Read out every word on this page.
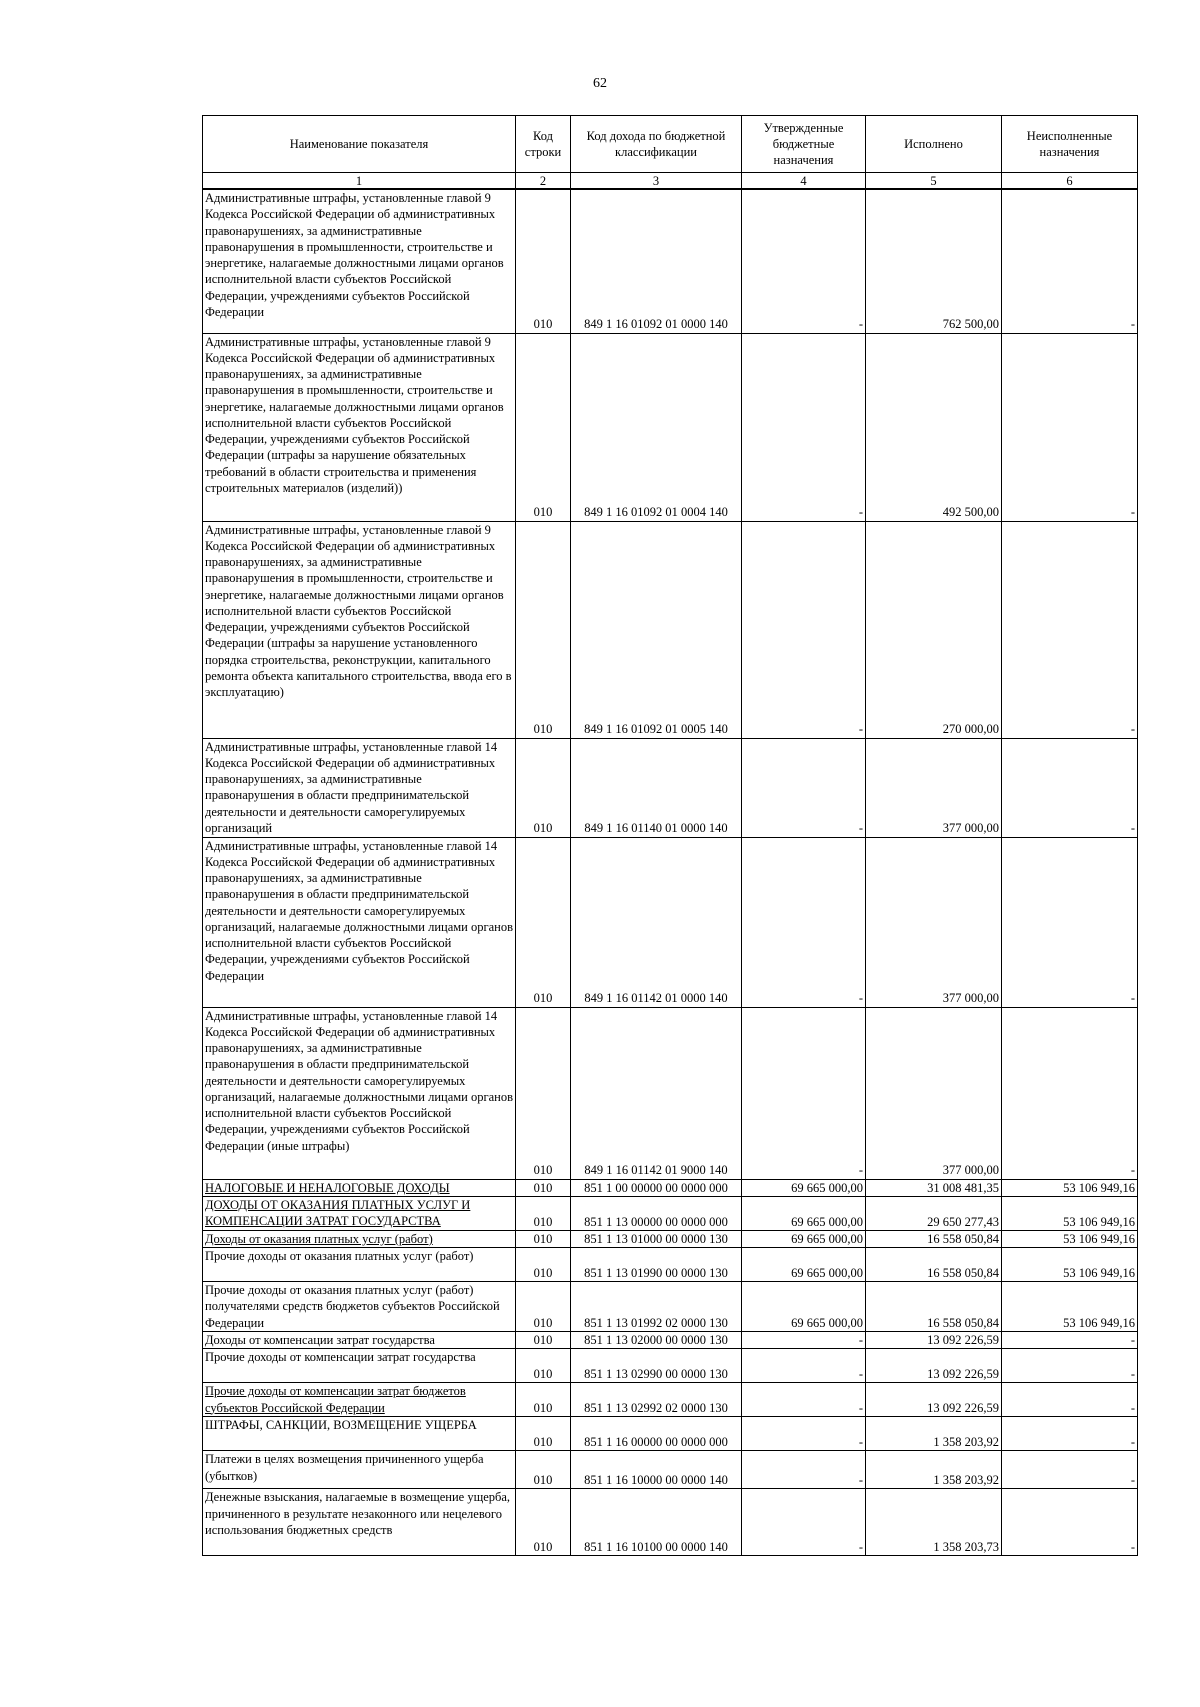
62
Наименование показателя	Код строки	Код дохода по бюджетной классификации	Утвержденные бюджетные назначения	Исполнено	Неисполненные назначения
1	2	3	4	5	6
Административные штрафы, установленные главой 9 Кодекса Российской Федерации об административных правонарушениях, за административные правонарушения в промышленности, строительстве и энергетике, налагаемые должностными лицами органов исполнительной власти субъектов Российской Федерации, учреждениями субъектов Российской Федерации	010	849 1 16 01092 01 0000 140	-	762 500,00	-
Административные штрафы, установленные главой 9 Кодекса Российской Федерации об административных правонарушениях, за административные правонарушения в промышленности, строительстве и энергетике, налагаемые должностными лицами органов исполнительной власти субъектов Российской Федерации, учреждениями субъектов Российской Федерации (штрафы за нарушение обязательных требований в области строительства и применения строительных материалов (изделий))	010	849 1 16 01092 01 0004 140	-	492 500,00	-
Административные штрафы, установленные главой 9 Кодекса Российской Федерации об административных правонарушениях, за административные правонарушения в промышленности, строительстве и энергетике, налагаемые должностными лицами органов исполнительной власти субъектов Российской Федерации, учреждениями субъектов Российской Федерации (штрафы за нарушение установленного порядка строительства, реконструкции, капитального ремонта объекта капитального строительства, ввода его в эксплуатацию)	010	849 1 16 01092 01 0005 140	-	270 000,00	-
Административные штрафы, установленные главой 14 Кодекса Российской Федерации об административных правонарушениях, за административные правонарушения в области предпринимательской деятельности и деятельности саморегулируемых организаций	010	849 1 16 01140 01 0000 140	-	377 000,00	-
Административные штрафы, установленные главой 14 Кодекса Российской Федерации об административных правонарушениях, за административные правонарушения в области предпринимательской деятельности и деятельности саморегулируемых организаций, налагаемые должностными лицами органов исполнительной власти субъектов Российской Федерации, учреждениями субъектов Российской Федерации	010	849 1 16 01142 01 0000 140	-	377 000,00	-
Административные штрафы, установленные главой 14 Кодекса Российской Федерации об административных правонарушениях, за административные правонарушения в области предпринимательской деятельности и деятельности саморегулируемых организаций, налагаемые должностными лицами органов исполнительной власти субъектов Российской Федерации, учреждениями субъектов Российской Федерации (иные штрафы)	010	849 1 16 01142 01 9000 140	-	377 000,00	-
НАЛОГОВЫЕ И НЕНАЛОГОВЫЕ ДОХОДЫ	010	851 1 00 00000 00 0000 000	69 665 000,00	31 008 481,35	53 106 949,16
ДОХОДЫ ОТ ОКАЗАНИЯ ПЛАТНЫХ УСЛУГ И КОМПЕНСАЦИИ ЗАТРАТ ГОСУДАРСТВА	010	851 1 13 00000 00 0000 000	69 665 000,00	29 650 277,43	53 106 949,16
Доходы от оказания платных услуг (работ)	010	851 1 13 01000 00 0000 130	69 665 000,00	16 558 050,84	53 106 949,16
Прочие доходы от оказания платных услуг (работ)	010	851 1 13 01990 00 0000 130	69 665 000,00	16 558 050,84	53 106 949,16
Прочие доходы от оказания платных услуг (работ) получателями средств бюджетов субъектов Российской Федерации	010	851 1 13 01992 02 0000 130	69 665 000,00	16 558 050,84	53 106 949,16
Доходы от компенсации затрат государства	010	851 1 13 02000 00 0000 130	-	13 092 226,59	-
Прочие доходы от компенсации затрат государства	010	851 1 13 02990 00 0000 130	-	13 092 226,59	-
Прочие доходы от компенсации затрат бюджетов субъектов Российской Федерации	010	851 1 13 02992 02 0000 130	-	13 092 226,59	-
ШТРАФЫ, САНКЦИИ, ВОЗМЕЩЕНИЕ УЩЕРБА	010	851 1 16 00000 00 0000 000	-	1 358 203,92	-
Платежи в целях возмещения причиненного ущерба (убытков)	010	851 1 16 10000 00 0000 140	-	1 358 203,92	-
Денежные взыскания, налагаемые в возмещение ущерба, причиненного в результате незаконного или нецелевого использования бюджетных средств	010	851 1 16 10100 00 0000 140	-	1 358 203,73	-
